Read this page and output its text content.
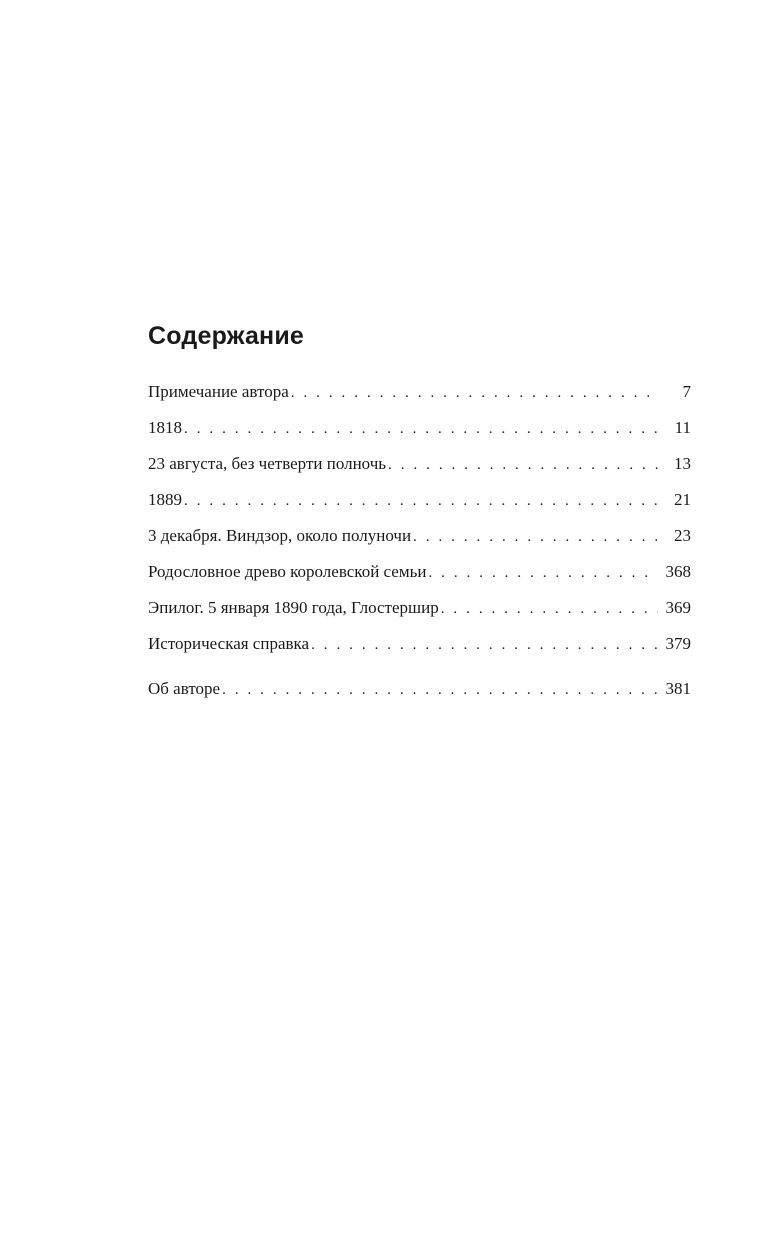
Содержание
Примечание автора . . .	7
1818 . . .	11
23 августа, без четверти полночь . . .	13
1889 . . .	21
3 декабря. Виндзор, около полуночи . . .	23
Родословное древо королевской семьи . . .	368
Эпилог. 5 января 1890 года, Глостершир . . .	369
Историческая справка . . .	379
Об авторе . . .	381
